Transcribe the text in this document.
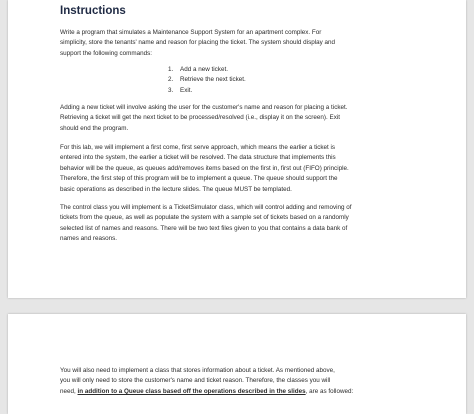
Instructions

Write a program that simulates a Maintenance Support System for an apartment complex. For
simplicity, store the tenants' name and reason for placing the ticket. The system should display and
support the following commands:

1. Add a new ticket.
2. Retrieve the next ticket.
3. Exit.

Adding a new ticket will involve asking the user for the customer's name and reason for placing a ticket.
Retrieving a ticket will get the next ticket to be processed/resolved (i.e., display it on the screen). Exit
should end the program.

For this lab, we will implement a first come, first serve approach, which means the earlier a ticket is
entered into the system, the earlier a ticket will be resolved. The data structure that implements this
behavior will be the queue, as queues add/removes items based on the first in, first out (FIFO) principle.
Therefore, the first step of this program will be to implement a queue. The queue should support the
basic operations as described in the lecture slides. The queue MUST be templated.

The control class you will implement is a TicketSimulator class, which will control adding and removing of
tickets from the queue, as well as populate the system with a sample set of tickets based on a randomly
selected list of names and reasons. There will be two text files given to you that contains a data bank of
names and reasons.

You will also need to implement a class that stores information about a ticket. As mentioned above,
you will only need to store the customer's name and ticket reason. Therefore, the classes you will
need, in addition to a Queue class based off the operations described in the slides, are as followed:
